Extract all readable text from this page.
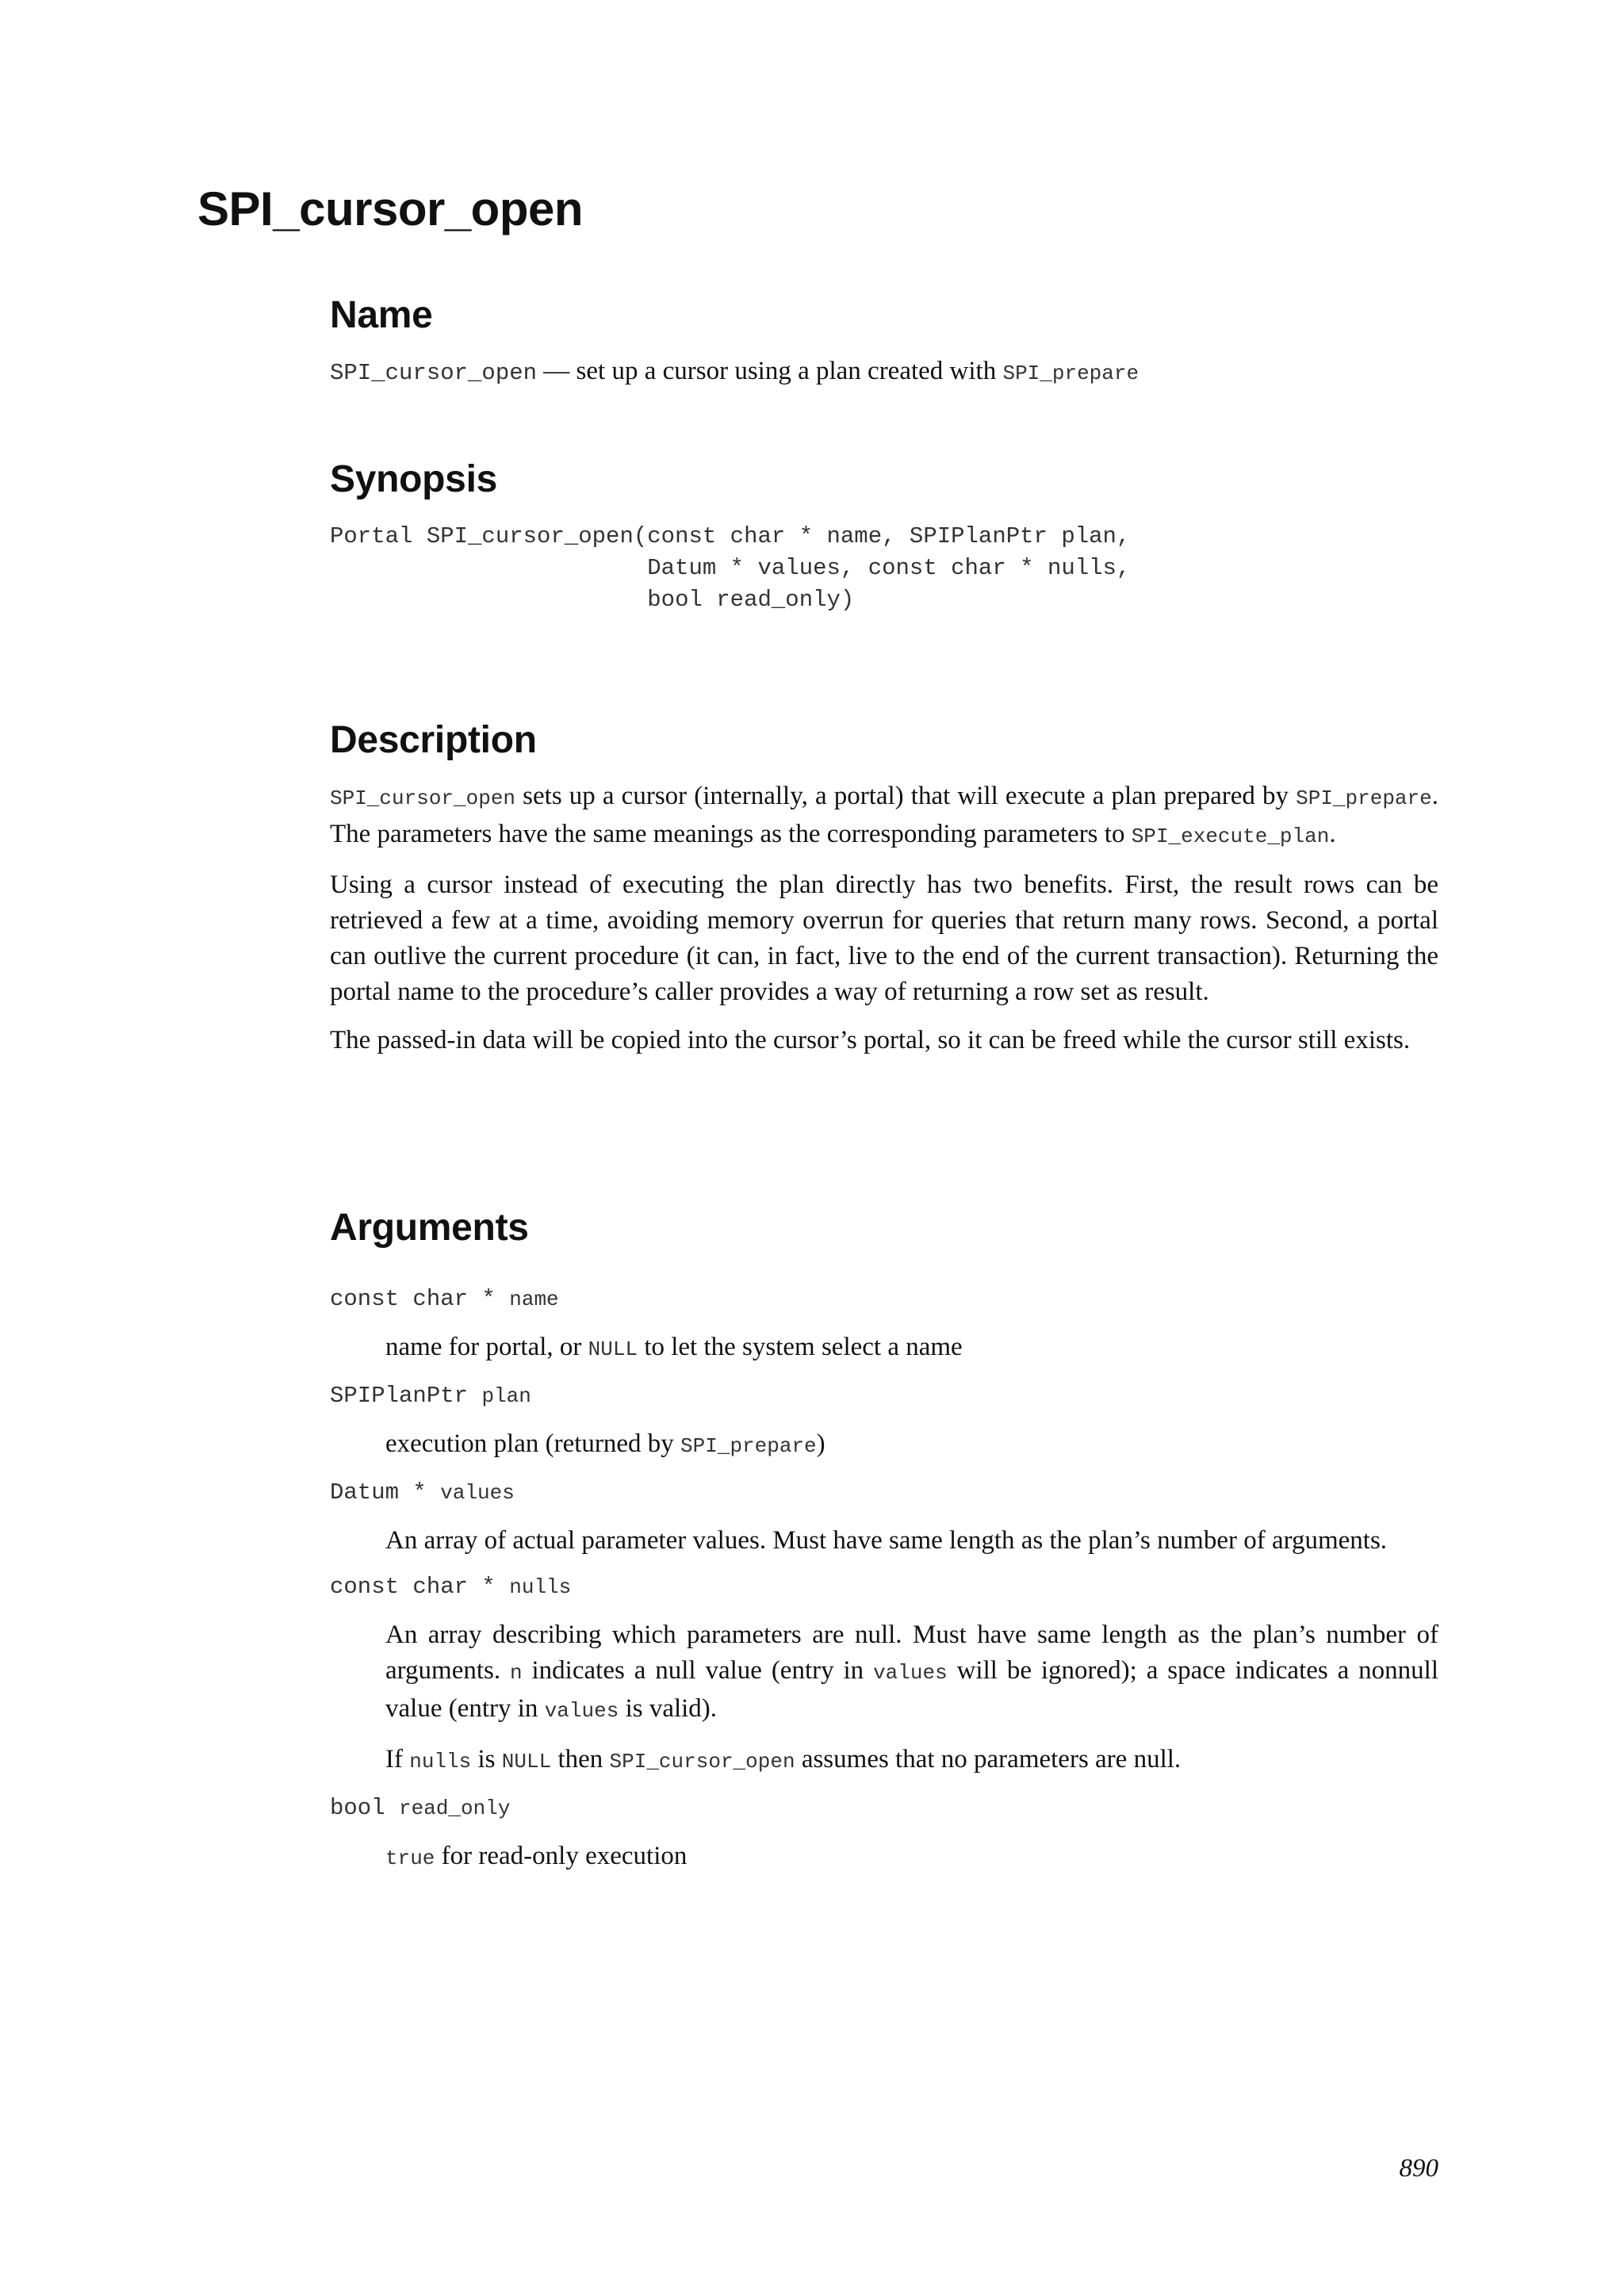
SPI_cursor_open
Name

SPI_cursor_open — set up a cursor using a plan created with SPI_prepare

Synopsis
Portal SPI_cursor_open(const char * name, SPIPlanPtr plan,
Datum * values, const char * nulls,
bool read_only)
Description

SPI_cursor_open sets up a cursor (internally, a portal) that will execute a plan prepared by SPI_prepare. The parameters have the same meanings as the corresponding parameters to SPI_execute_plan.

Using a cursor instead of executing the plan directly has two benefits. First, the result rows can be retrieved a few at a time, avoiding memory overrun for queries that return many rows. Second, a portal can outlive the current procedure (it can, in fact, live to the end of the current transaction). Returning the portal name to the procedure’s caller provides a way of returning a row set as result.

The passed-in data will be copied into the cursor’s portal, so it can be freed while the cursor still exists.

Arguments
const char * name

name for portal, or NULL to let the system select a name

SPIPlanPtr plan

execution plan (returned by SPI_prepare)

Datum * values

An array of actual parameter values. Must have same length as the plan’s number of arguments.

const char * nulls

An array describing which parameters are null. Must have same length as the plan’s number of arguments. n indicates a null value (entry in values will be ignored); a space indicates a nonnull value (entry in values is valid).

If nulls is NULL then SPI_cursor_open assumes that no parameters are null.

bool read_only

true for read-only execution

890
